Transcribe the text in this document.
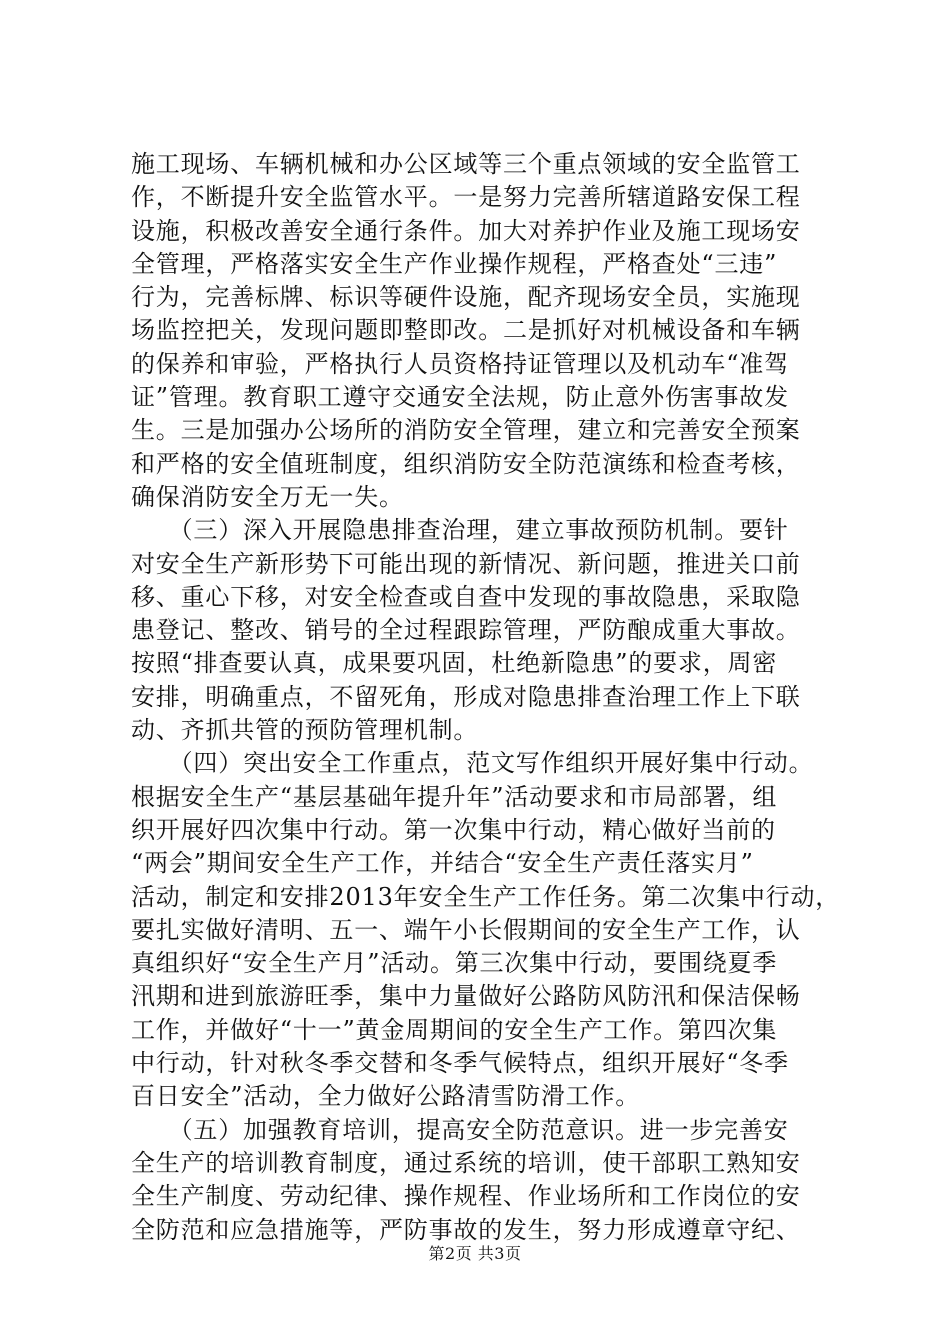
施工现场、车辆机械和办公区域等三个重点领域的安全监管工
作，不断提升安全监管水平。一是努力完善所辖道路安保工程
设施，积极改善安全通行条件。加大对养护作业及施工现场安
全管理，严格落实安全生产作业操作规程，严格查处“三违”
行为，完善标牌、标识等硬件设施，配齐现场安全员，实施现
场监控把关，发现问题即整即改。二是抓好对机械设备和车辆
的保养和审验，严格执行人员资格持证管理以及机动车“准驾
证”管理。教育职工遵守交通安全法规，防止意外伤害事故发
生。三是加强办公场所的消防安全管理，建立和完善安全预案
和严格的安全值班制度，组织消防安全防范演练和检查考核，
确保消防安全万无一失。
　　（三）深入开展隐患排查治理，建立事故预防机制。要针
对安全生产新形势下可能出现的新情况、新问题，推进关口前
移、重心下移，对安全检查或自查中发现的事故隐患，采取隐
患登记、整改、销号的全过程跟踪管理，严防酿成重大事故。
按照“排查要认真，成果要巩固，杜绝新隐患”的要求，周密
安排，明确重点，不留死角，形成对隐患排查治理工作上下联
动、齐抓共管的预防管理机制。
　　（四）突出安全工作重点，范文写作组织开展好集中行动。
根据安全生产“基层基础年提升年”活动要求和市局部署，组
织开展好四次集中行动。第一次集中行动，精心做好当前的
“两会”期间安全生产工作，并结合“安全生产责任落实月”
活动，制定和安排2013年安全生产工作任务。第二次集中行动，
要扎实做好清明、五一、端午小长假期间的安全生产工作，认
真组织好“安全生产月”活动。第三次集中行动，要围绕夏季
汛期和进到旅游旺季，集中力量做好公路防风防汛和保洁保畅
工作，并做好“十一”黄金周期间的安全生产工作。第四次集
中行动，针对秋冬季交替和冬季气候特点，组织开展好“冬季
百日安全”活动，全力做好公路清雪防滑工作。
　　（五）加强教育培训，提高安全防范意识。进一步完善安
全生产的培训教育制度，通过系统的培训，使干部职工熟知安
全生产制度、劳动纪律、操作规程、作业场所和工作岗位的安
全防范和应急措施等，严防事故的发生，努力形成遵章守纪、
第2页 共3页
